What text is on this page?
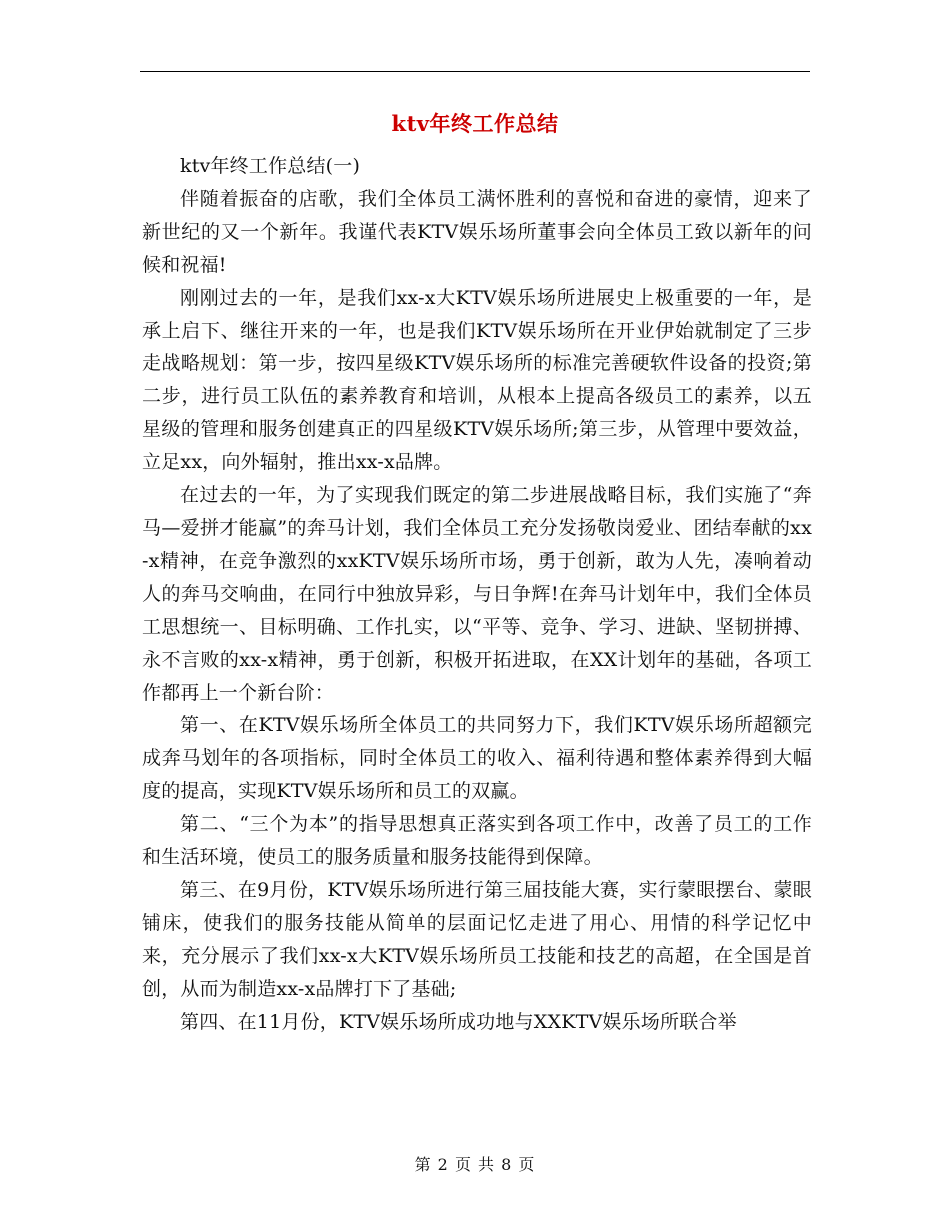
ktv年终工作总结

ktv年终工作总结(一)

伴随着振奋的店歌，我们全体员工满怀胜利的喜悦和奋进的豪情，迎来了新世纪的又一个新年。我谨代表KTV娱乐场所董事会向全体员工致以新年的问候和祝福!

刚刚过去的一年，是我们xx-x大KTV娱乐场所进展史上极重要的一年，是承上启下、继往开来的一年，也是我们KTV娱乐场所在开业伊始就制定了三步走战略规划：第一步，按四星级KTV娱乐场所的标准完善硬软件设备的投资;第二步，进行员工队伍的素养教育和培训，从根本上提高各级员工的素养，以五星级的管理和服务创建真正的四星级KTV娱乐场所;第三步，从管理中要效益，立足xx，向外辐射，推出xx-x品牌。

在过去的一年，为了实现我们既定的第二步进展战略目标，我们实施了“奔马—爱拼才能赢”的奔马计划，我们全体员工充分发扬敬岗爱业、团结奉献的xx-x精神，在竞争激烈的xxKTV娱乐场所市场，勇于创新，敢为人先，凑响着动人的奔马交响曲，在同行中独放异彩，与日争辉!在奔马计划年中，我们全体员工思想统一、目标明确、工作扎实，以“平等、竞争、学习、进缺、坚韧拼搏、永不言败的xx-x精神，勇于创新，积极开拓进取，在XX计划年的基础，各项工作都再上一个新台阶：

第一、在KTV娱乐场所全体员工的共同努力下，我们KTV娱乐场所超额完成奔马划年的各项指标，同时全体员工的收入、福利待遇和整体素养得到大幅度的提高，实现KTV娱乐场所和员工的双赢。

第二、“三个为本”的指导思想真正落实到各项工作中，改善了员工的工作和生活环境，使员工的服务质量和服务技能得到保障。

第三、在9月份，KTV娱乐场所进行第三届技能大赛，实行蒙眼摆台、蒙眼铺床，使我们的服务技能从简单的层面记忆走进了用心、用情的科学记忆中来，充分展示了我们xx-x大KTV娱乐场所员工技能和技艺的高超，在全国是首创，从而为制造xx-x品牌打下了基础;

第四、在11月份，KTV娱乐场所成功地与XXKTV娱乐场所联合举

第 2 页 共 8 页
